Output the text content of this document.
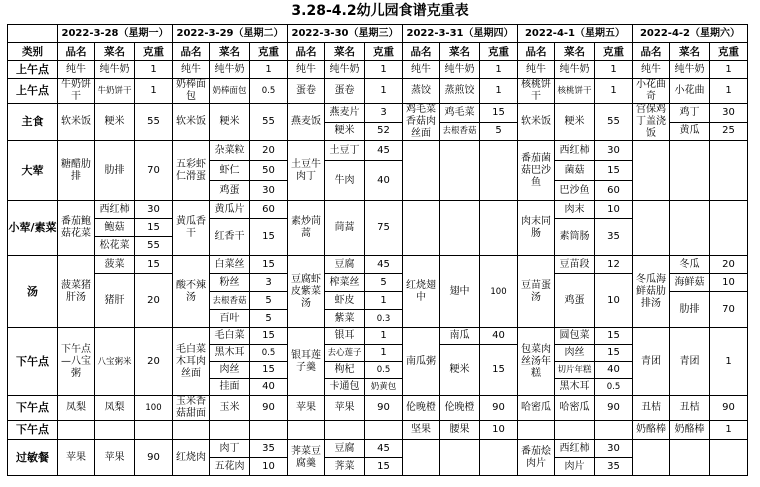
3.28-4.2幼儿园食谱克重表
	2022-3-28（星期一）			2022-3-29（星期二）			2022-3-30（星期三）			2022-3-31（星期四）			2022-4-1（星期五）			2022-4-2（星期六）		
类别	品名	菜名	克重	品名	菜名	克重	品名	菜名	克重	品名	菜名	克重	品名	菜名	克重	品名	菜名	克重
上午点	纯牛	纯牛奶	1	纯牛	纯牛奶	1	纯牛	纯牛奶	1	纯牛	纯牛奶	1	纯牛	纯牛奶	1	纯牛	纯牛奶	1
上午点	牛奶饼干	牛奶饼干	1	奶棒面包	奶棒面包	0.5	蛋卷	蛋卷	1	蒸饺	蒸煎饺	1	核桃饼干	核桃饼干	1	小花曲奇	小花曲	1
主食	软米饭	粳米	55	软米饭	粳米	55	燕麦饭	燕麦片	3	鸡毛菜香菇肉丝面	鸡毛菜	15	软米饭	粳米	55	宫保鸡丁盖浇饭	鸡丁	30
								粳米	52		去根香菇	5					黄瓜	25
大荤	糖醋肋排	肋排	70	五彩虾仁滑蛋	杂菜粒	20	土豆牛肉丁	土豆丁	45				番茄菌菇巴沙鱼	西红柿	30			
					虾仁	50		牛肉	40					菌菇	15			
					鸡蛋	30								巴沙鱼	60			
小荤/素菜	番茄鲍菇花菜	西红柿	30	黄瓜香干	黄瓜片	60	素炒茼蒿	茼蒿	75				肉末同肠	肉末	10			
		鲍菇	15		红香干	15								素筒肠	35			
		松花菜	55															
汤	菠菜猪肝汤	菠菜	15	酸不辣汤	白菜丝	15	豆腐虾皮紫菜汤	豆腐	45	红烧翅中	翅中	100	豆苗蛋汤	豆苗段	12	冬瓜海鲜菇肋排汤	冬瓜	20
		猪肝	20		粉丝	3		榨菜丝	5					鸡蛋	10		海鲜菇	10
					去根香菇	5		虾皮	1								肋排	70
					百叶	5		紫菜	0.3									
下午点	下午点—八宝粥	八宝粥米	20	毛白菜木耳肉丝面	毛白菜	15	银耳莲子羹	银耳	1	南瓜粥	南瓜	40	包菜肉丝汤年糕	圆包菜	15	青团	青团	1
					黑木耳	0.5		去心莲子	1		粳米	15		肉丝	15			
					肉丝	15		枸杞	0.5					切片年糕	40			
					挂面	40		卡通包	奶黄包					黑木耳	0.5			
下午点	凤梨	凤梨	100	玉米香菇甜面	玉米	90	苹果	苹果	90	伦晚橙	伦晚橙	90	哈密瓜	哈密瓜	90	丑桔	丑桔	90
下午点										坚果	腰果	10				奶酪棒	奶酪棒	1
过敏餐	苹果	苹果	90	红烧肉	肉丁	35	荠菜豆腐羹	豆腐	45				番茄烩肉片	西红柿	30			
					五花肉	10		荠菜	15					肉片	35			
